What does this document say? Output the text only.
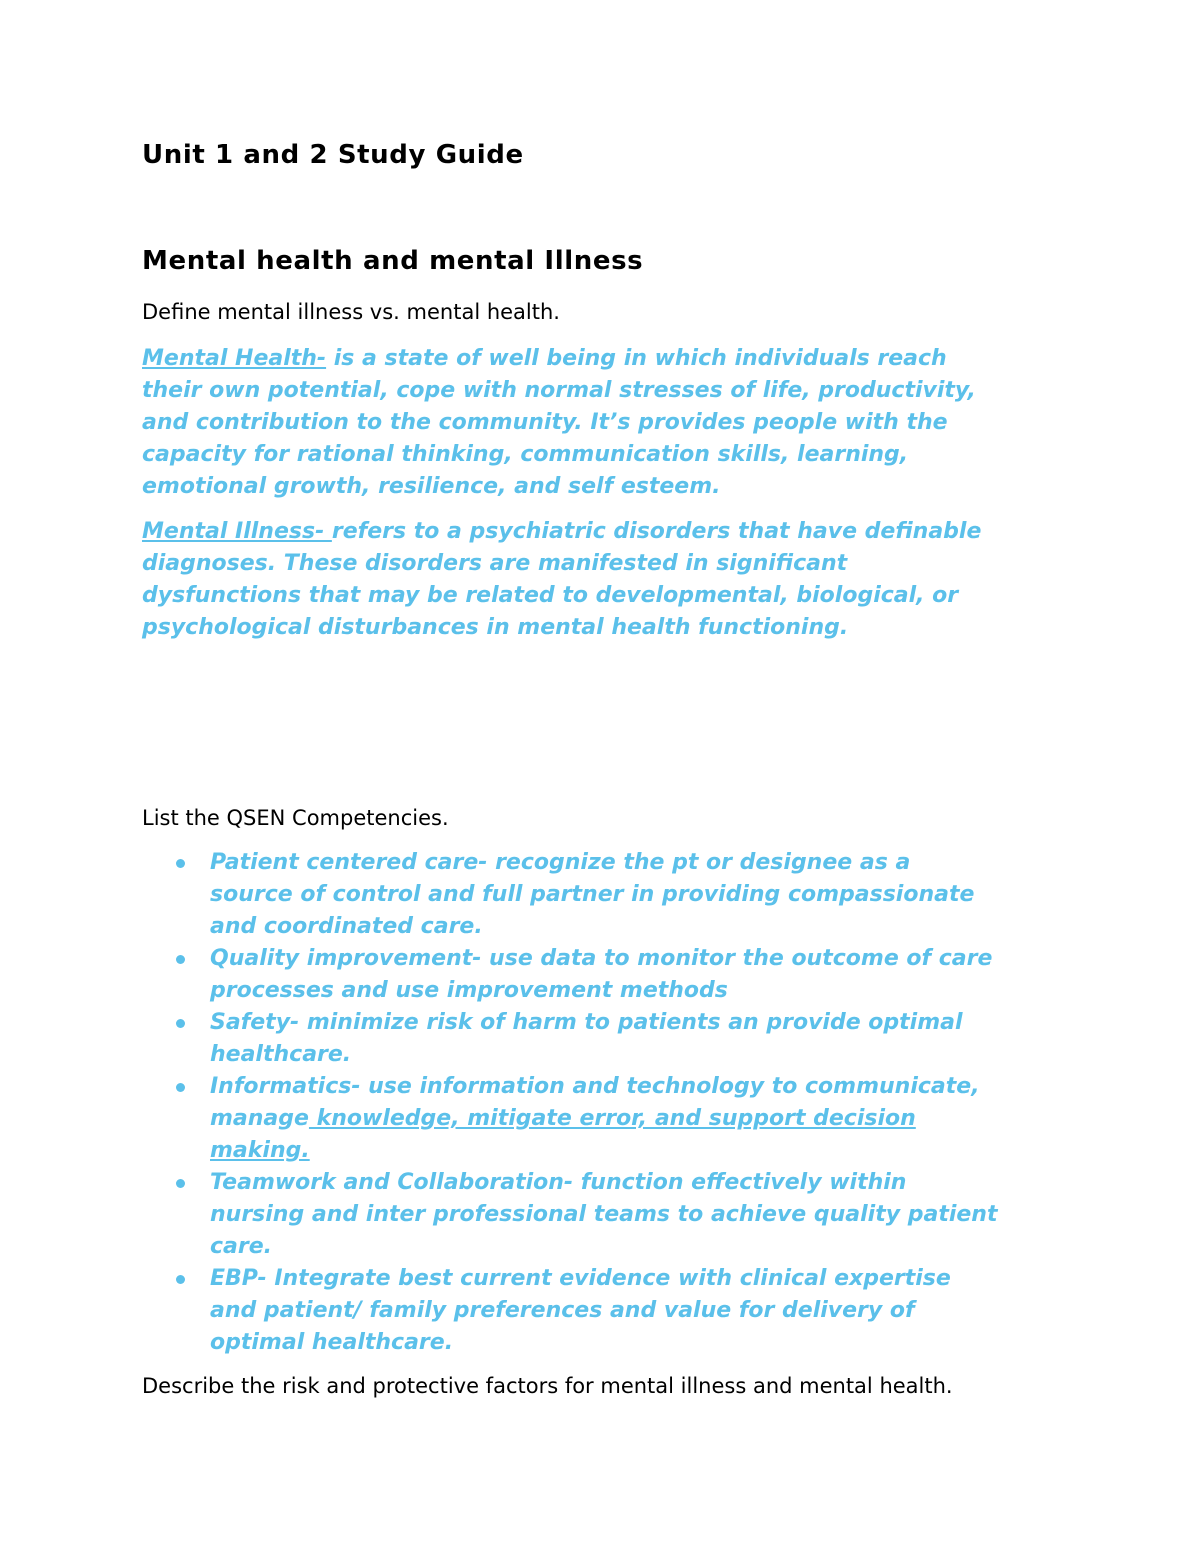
Unit 1 and 2 Study Guide
Mental health and mental Illness
Define mental illness vs. mental health.
Mental Health- is a state of well being in which individuals reach
their own potential, cope with normal stresses of life, productivity,
and contribution to the community. It’s provides people with the
capacity for rational thinking, communication skills, learning,
emotional growth, resilience, and self esteem.
Mental Illness- refers to a psychiatric disorders that have definable
diagnoses. These disorders are manifested in significant
dysfunctions that may be related to developmental, biological, or
psychological disturbances in mental health functioning.
List the QSEN Competencies.
Patient centered care- recognize the pt or designee as a
source of control and full partner in providing compassionate
and coordinated care.
Quality improvement- use data to monitor the outcome of care
processes and use improvement methods
Safety- minimize risk of harm to patients an provide optimal
healthcare.
Informatics- use information and technology to communicate,
manage knowledge, mitigate error, and support decision
making.
Teamwork and Collaboration- function effectively within
nursing and inter professional teams to achieve quality patient
care.
EBP- Integrate best current evidence with clinical expertise
and patient/ family preferences and value for delivery of
optimal healthcare.
Describe the risk and protective factors for mental illness and mental health.
